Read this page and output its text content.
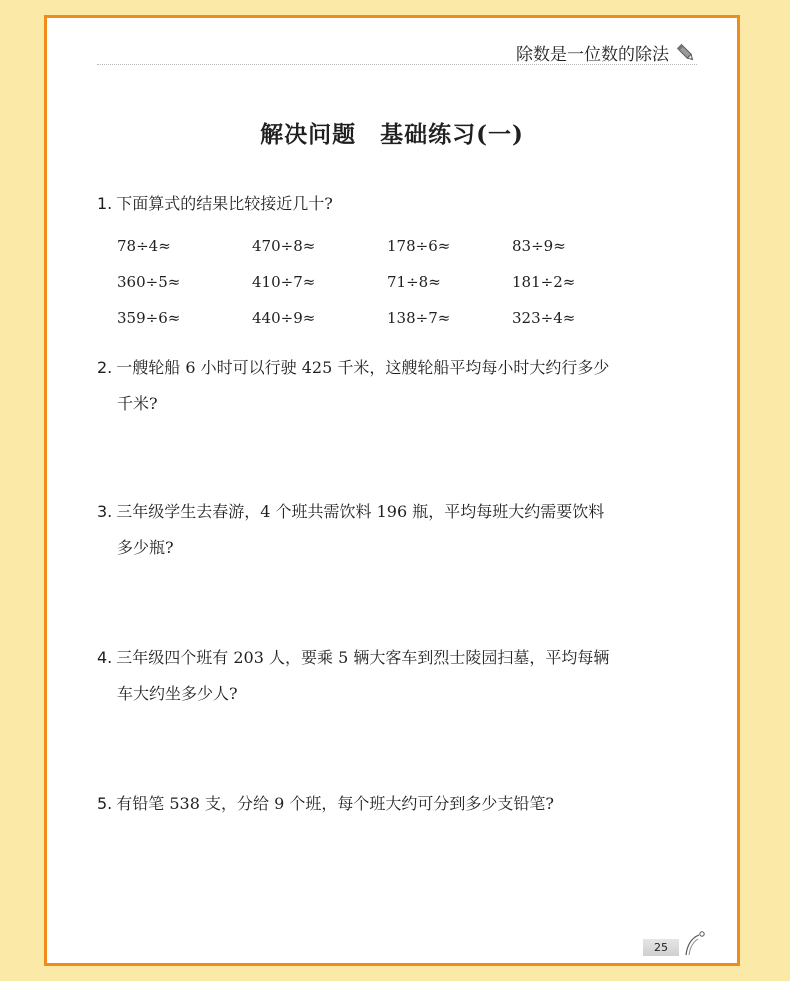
除数是一位数的除法
解决问题　基础练习(一)
1. 下面算式的结果比较接近几十?
78÷4≈	470÷8≈	178÷6≈	83÷9≈
360÷5≈	410÷7≈	71÷8≈	181÷2≈
359÷6≈	440÷9≈	138÷7≈	323÷4≈
2. 一艘轮船 6 小时可以行驶 425 千米，这艘轮船平均每小时大约行多少
千米?
3. 三年级学生去春游，4 个班共需饮料 196 瓶，平均每班大约需要饮料
多少瓶?
4. 三年级四个班有 203 人，要乘 5 辆大客车到烈士陵园扫墓，平均每辆
车大约坐多少人?
5. 有铅笔 538 支，分给 9 个班，每个班大约可分到多少支铅笔?
25
